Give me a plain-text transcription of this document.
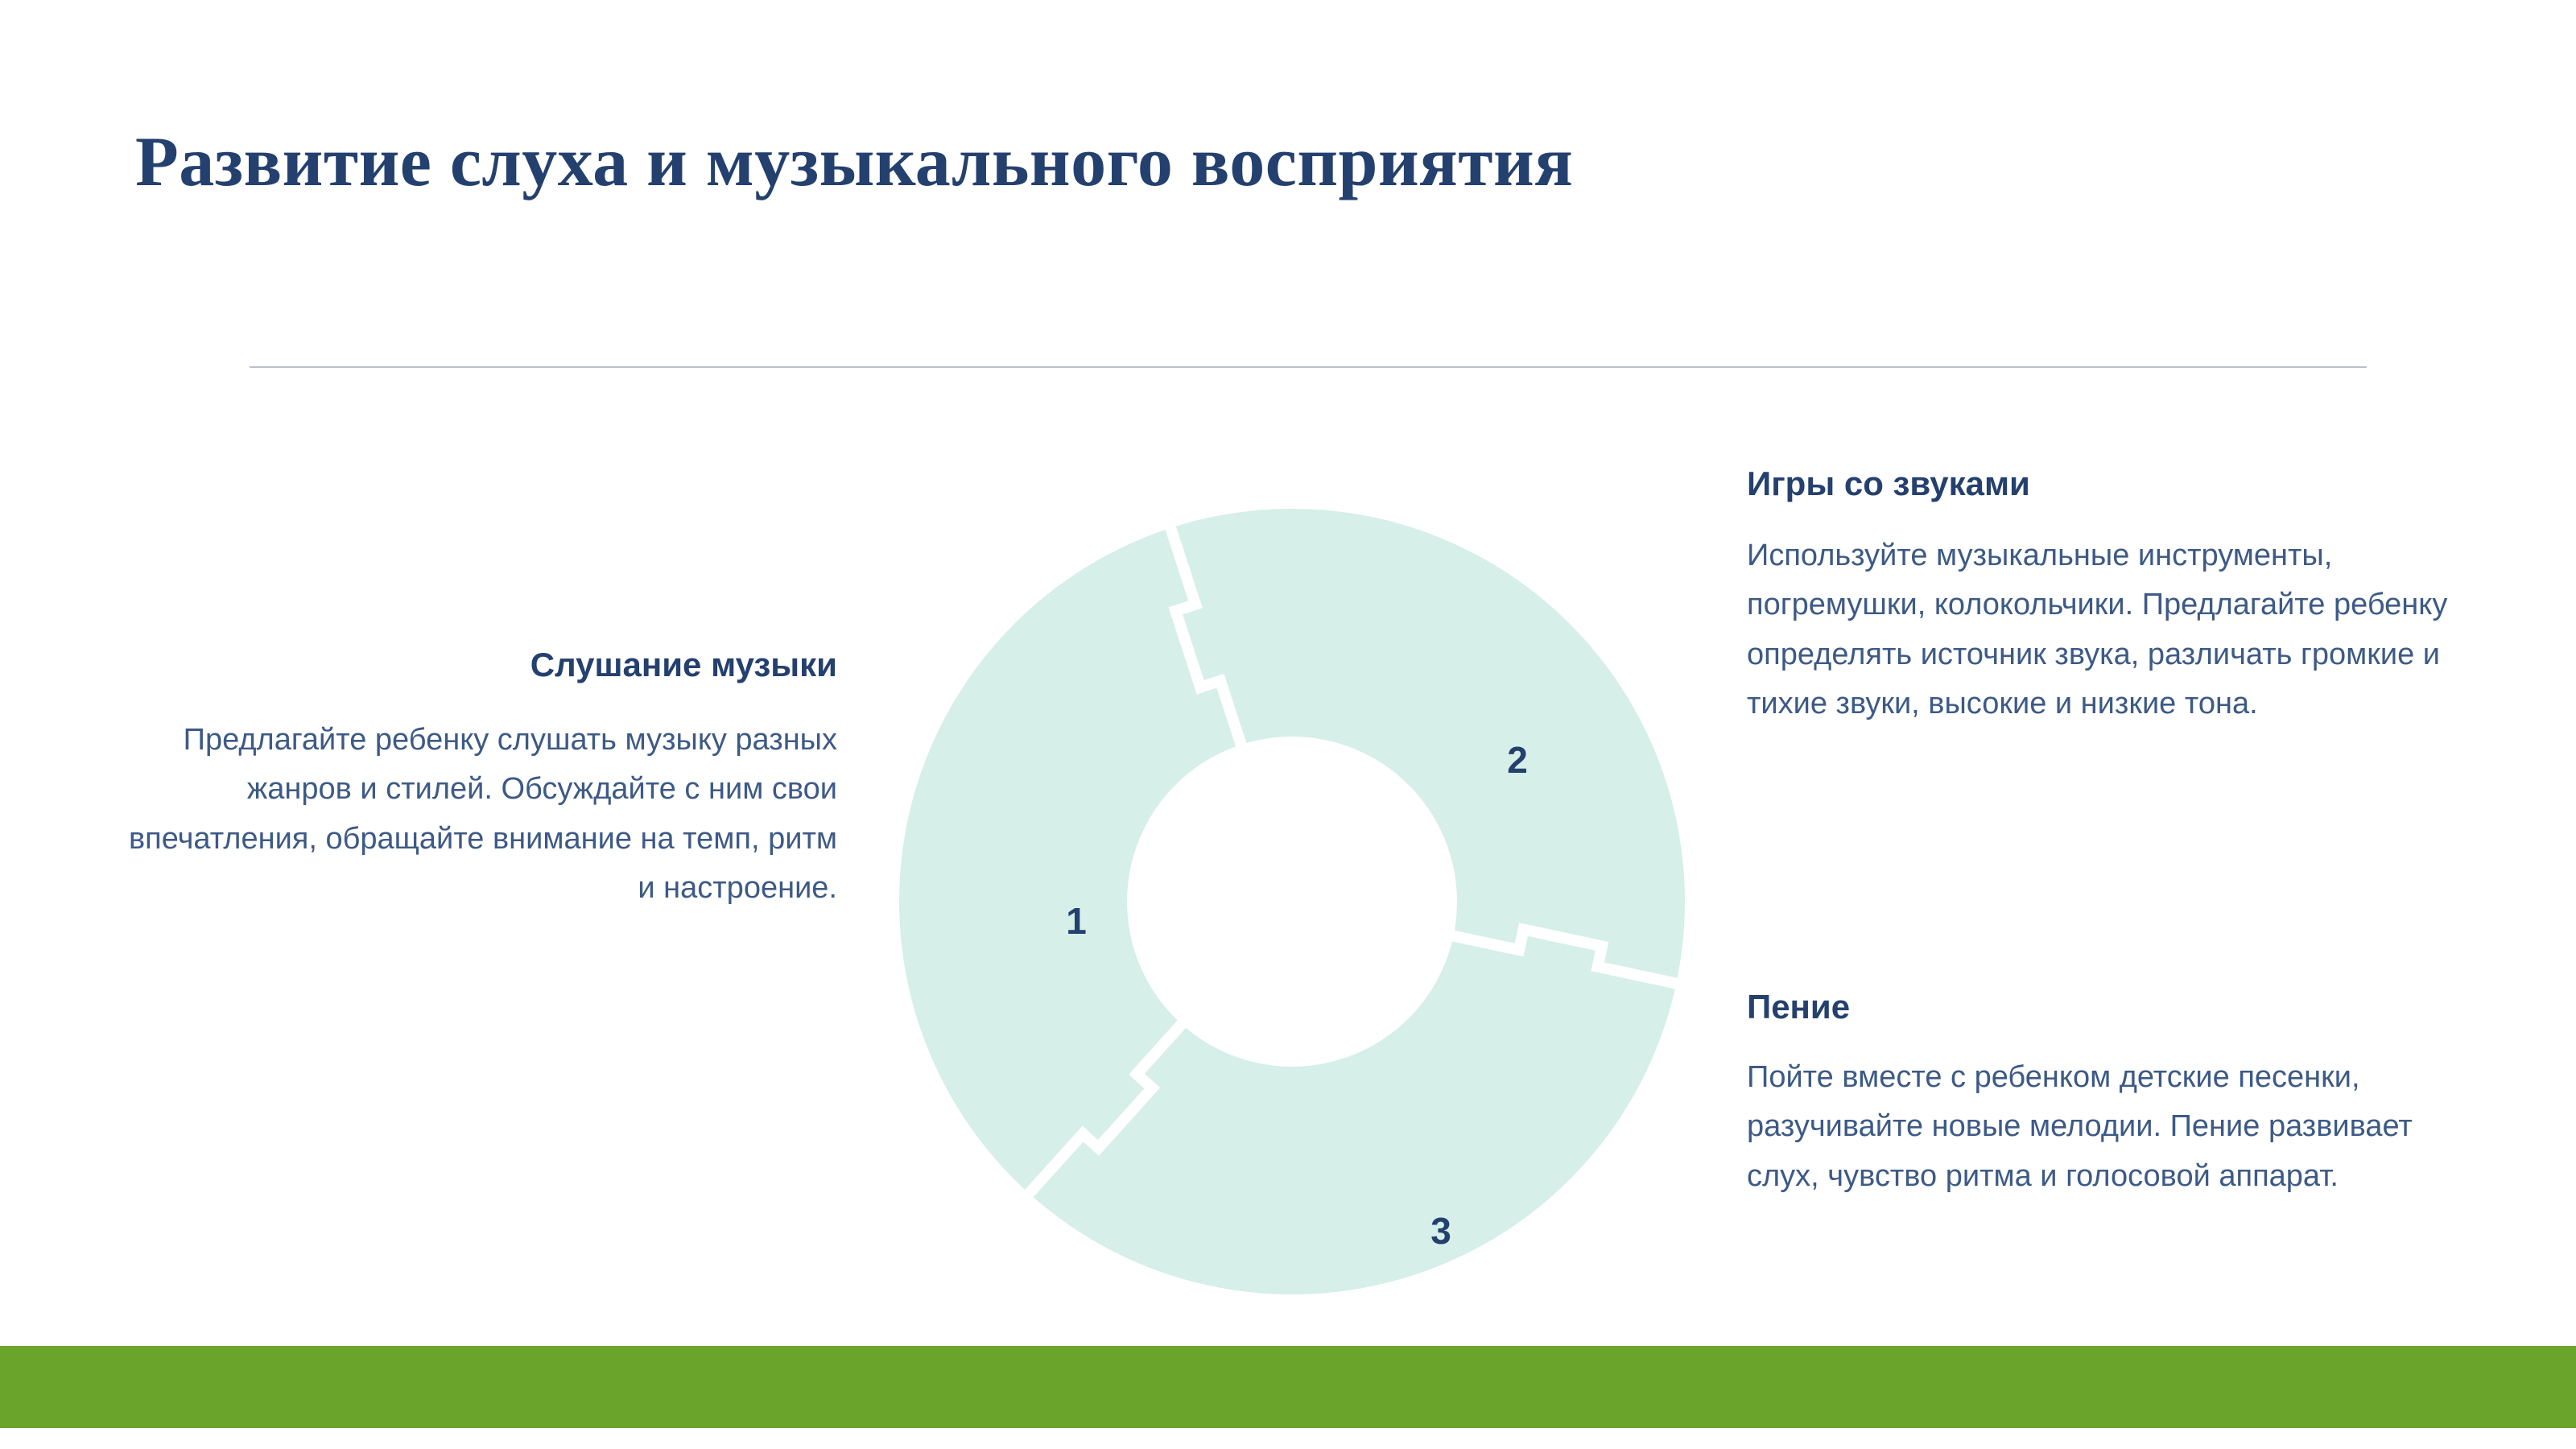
Развитие слуха и музыкального восприятия
1
2
3
Слушание музыки
Предлагайте ребенку слушать музыку разных жанров и стилей. Обсуждайте с ним свои впечатления, обращайте внимание на темп, ритм и настроение.
Игры со звуками
Используйте музыкальные инструменты, погремушки, колокольчики. Предлагайте ребенку определять источник звука, различать громкие и тихие звуки, высокие и низкие тона.
Пение
Пойте вместе с ребенком детские песенки, разучивайте новые мелодии. Пение развивает слух, чувство ритма и голосовой аппарат.
